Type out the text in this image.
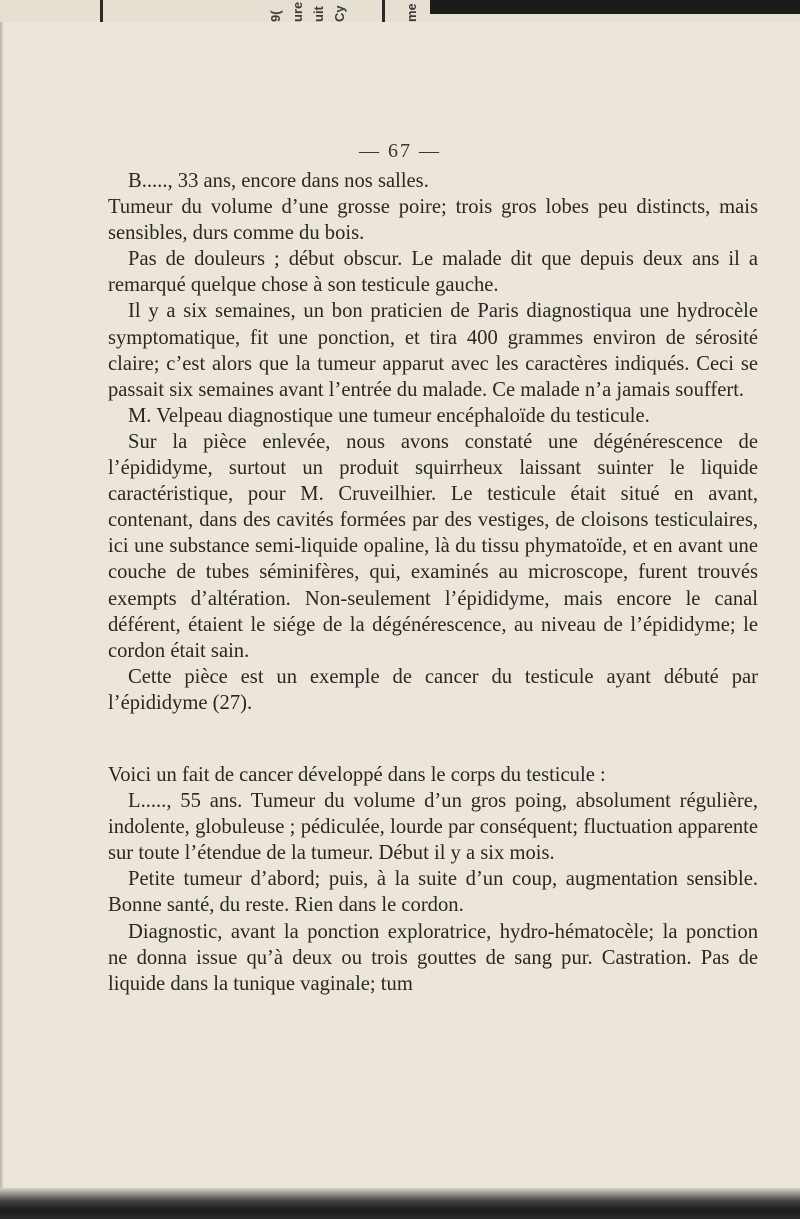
9( ure uit Cy	me
— 67 —

B....., 33 ans, encore dans nos salles.

Tumeur du volume d’une grosse poire; trois gros lobes peu distincts, mais sensibles, durs comme du bois.

Pas de douleurs ; début obscur. Le malade dit que depuis deux ans il a remarqué quelque chose à son testicule gauche.

Il y a six semaines, un bon praticien de Paris diagnostiqua une hydrocèle symptomatique, fit une ponction, et tira 400 grammes environ de sérosité claire; c’est alors que la tumeur apparut avec les caractères indiqués. Ceci se passait six semaines avant l’entrée du malade. Ce malade n’a jamais souffert.

M. Velpeau diagnostique une tumeur encéphaloïde du testicule.

Sur la pièce enlevée, nous avons constaté une dégénérescence de l’épididyme, surtout un produit squirrheux laissant suinter le liquide caractéristique, pour M. Cruveilhier. Le testicule était situé en avant, contenant, dans des cavités formées par des vestiges, de cloisons testiculaires, ici une substance semi-liquide opaline, là du tissu phymatoïde, et en avant une couche de tubes séminifères, qui, examinés au microscope, furent trouvés exempts d’altération. Non-seulement l’épididyme, mais encore le canal déférent, étaient le siége de la dégénérescence, au niveau de l’épididyme; le cordon était sain.

Cette pièce est un exemple de cancer du testicule ayant débuté par l’épididyme (27).

Voici un fait de cancer développé dans le corps du testicule :

L....., 55 ans. Tumeur du volume d’un gros poing, absolument régulière, indolente, globuleuse ; pédiculée, lourde par conséquent; fluctuation apparente sur toute l’étendue de la tumeur. Début il y a six mois.

Petite tumeur d’abord; puis, à la suite d’un coup, augmentation sensible. Bonne santé, du reste. Rien dans le cordon.

Diagnostic, avant la ponction exploratrice, hydro-hématocèle; la ponction ne donna issue qu’à deux ou trois gouttes de sang pur. Castration. Pas de liquide dans la tunique vaginale; tum
